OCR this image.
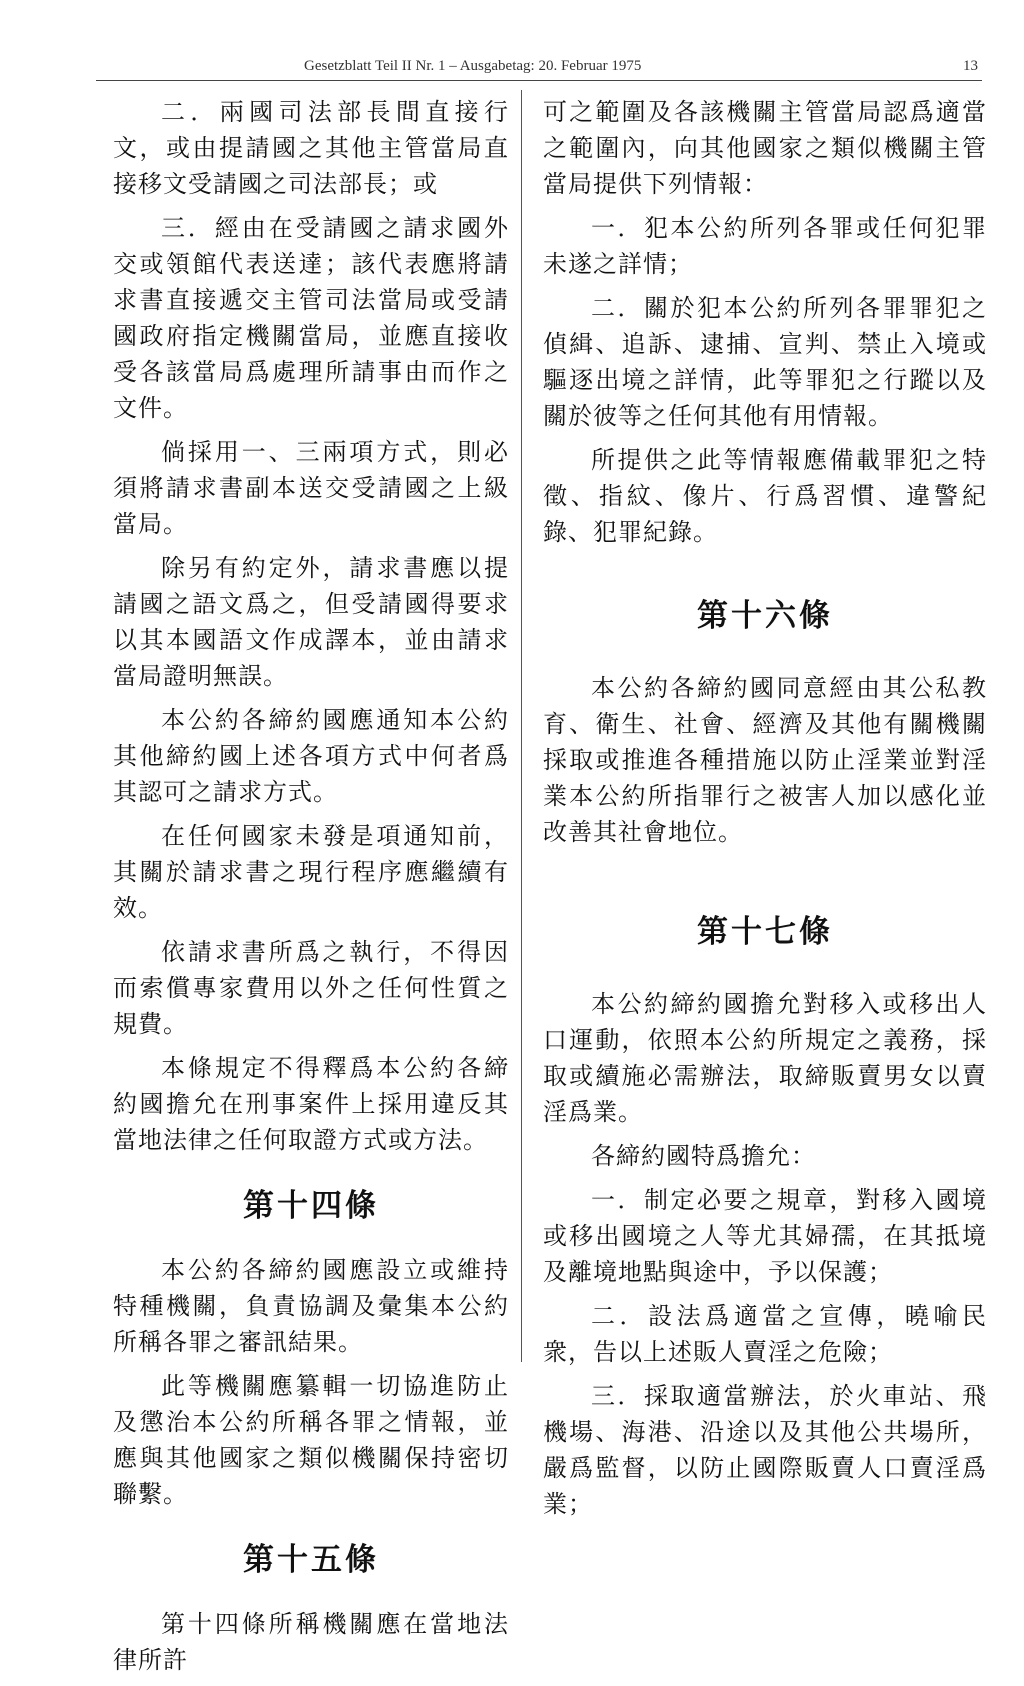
Gesetzblatt Teil II Nr. 1 – Ausgabetag: 20. Februar 1975	13

二．兩國司法部長間直接行文，或由提請國之其他主管當局直接移文受請國之司法部長；或

三．經由在受請國之請求國外交或領館代表送達；該代表應將請求書直接遞交主管司法當局或受請國政府指定機關當局，並應直接收受各該當局爲處理所請事由而作之文件。

倘採用一、三兩項方式，則必須將請求書副本送交受請國之上級當局。

除另有約定外，請求書應以提請國之語文爲之，但受請國得要求以其本國語文作成譯本，並由請求當局證明無誤。

本公約各締約國應通知本公約其他締約國上述各項方式中何者爲其認可之請求方式。

在任何國家未發是項通知前，其關於請求書之現行程序應繼續有效。

依請求書所爲之執行，不得因而索償專家費用以外之任何性質之規費。

本條規定不得釋爲本公約各締約國擔允在刑事案件上採用違反其當地法律之任何取證方式或方法。

第十四條

本公約各締約國應設立或維持特種機關，負責協調及彙集本公約所稱各罪之審訊結果。

此等機關應纂輯一切協進防止及懲治本公約所稱各罪之情報，並應與其他國家之類似機關保持密切聯繫。

第十五條

第十四條所稱機關應在當地法律所許

可之範圍及各該機關主管當局認爲適當之範圍內，向其他國家之類似機關主管當局提供下列情報：

一．犯本公約所列各罪或任何犯罪未遂之詳情；

二．關於犯本公約所列各罪罪犯之偵緝、追訴、逮捕、宣判、禁止入境或驅逐出境之詳情，此等罪犯之行蹤以及關於彼等之任何其他有用情報。

所提供之此等情報應備載罪犯之特徵、指紋、像片、行爲習慣、違警紀錄、犯罪紀錄。

第十六條

本公約各締約國同意經由其公私教育、衛生、社會、經濟及其他有關機關採取或推進各種措施以防止淫業並對淫業本公約所指罪行之被害人加以感化並改善其社會地位。

第十七條

本公約締約國擔允對移入或移出人口運動，依照本公約所規定之義務，採取或續施必需辦法，取締販賣男女以賣淫爲業。

各締約國特爲擔允：

一．制定必要之規章，對移入國境或移出國境之人等尤其婦孺，在其抵境及離境地點與途中，予以保護；

二．設法爲適當之宣傳，曉喻民衆，告以上述販人賣淫之危險；

三．採取適當辦法，於火車站、飛機場、海港、沿途以及其他公共場所，嚴爲監督，以防止國際販賣人口賣淫爲業；
